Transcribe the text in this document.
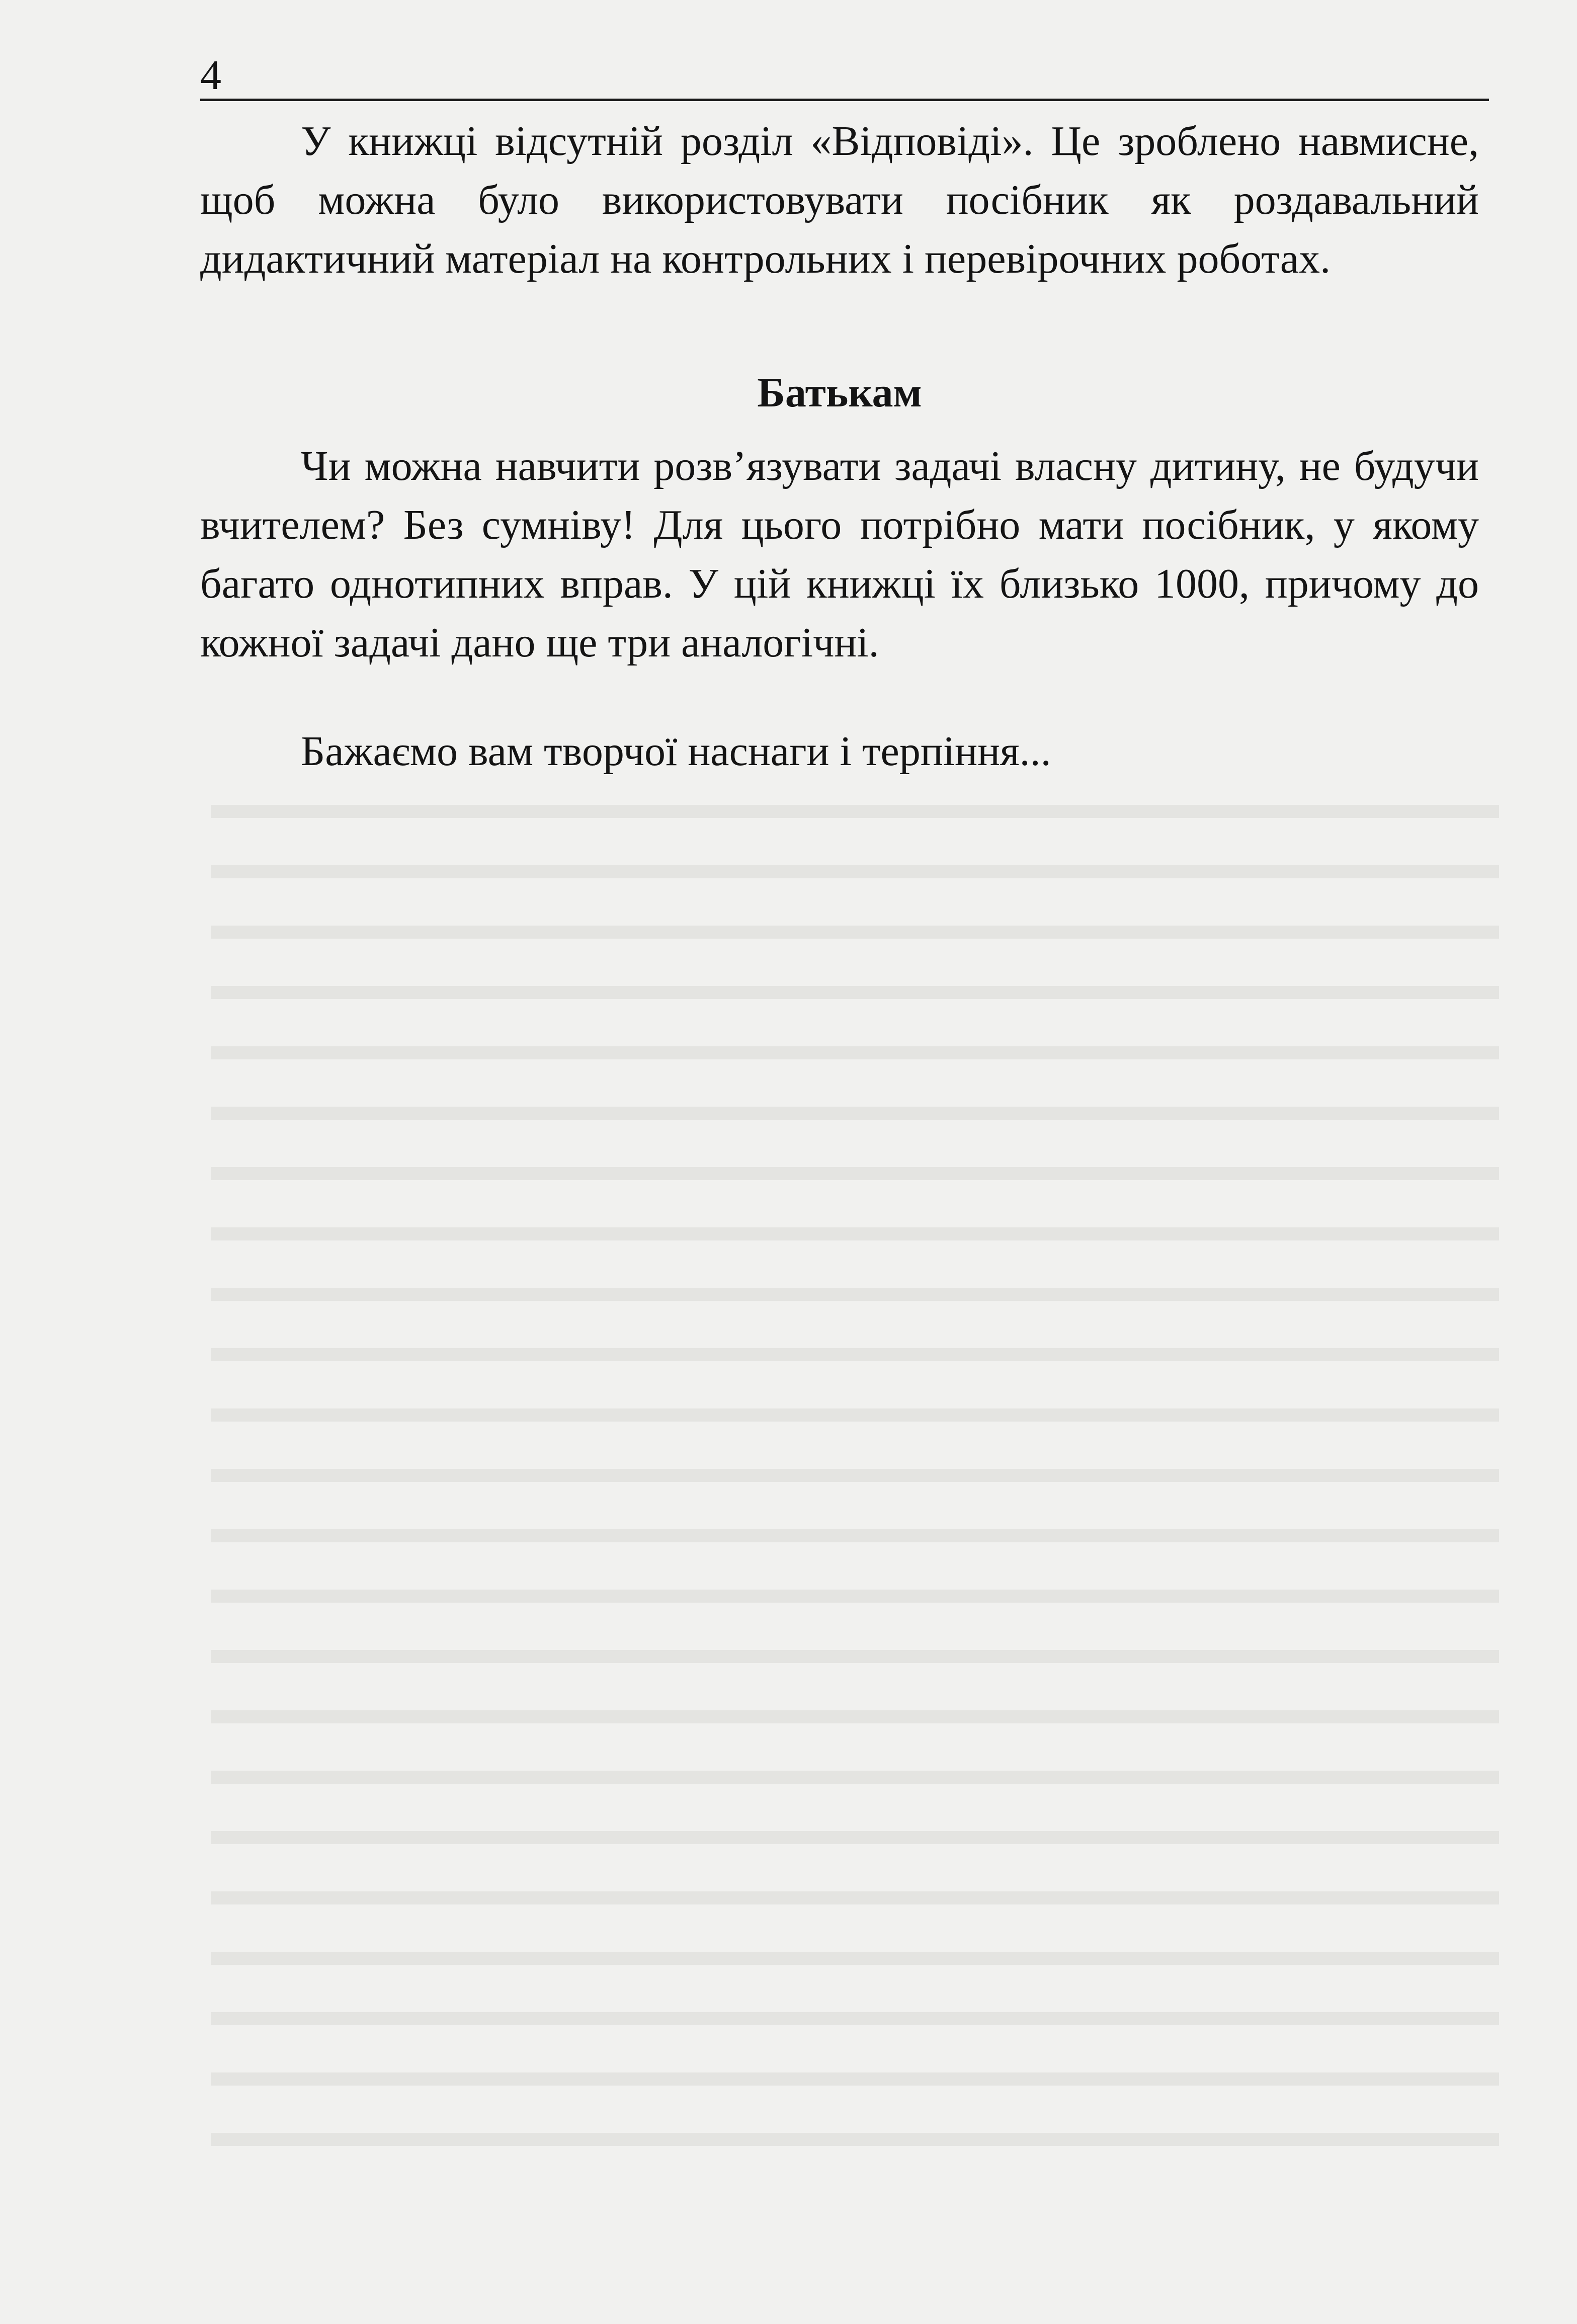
4

У книжці відсутній розділ «Відповіді». Це зроблено навмисне, щоб можна було використовувати посібник як роздавальний дидактичний матеріал на контрольних і перевірочних роботах.

Батькам

Чи можна навчити розв’язувати задачі власну дитину, не будучи вчителем? Без сумніву! Для цього потрібно мати посібник, у якому багато однотипних вправ. У цій книжці їх близько 1000, причому до кожної задачі дано ще три аналогічні.

Бажаємо вам творчої наснаги і терпіння...
